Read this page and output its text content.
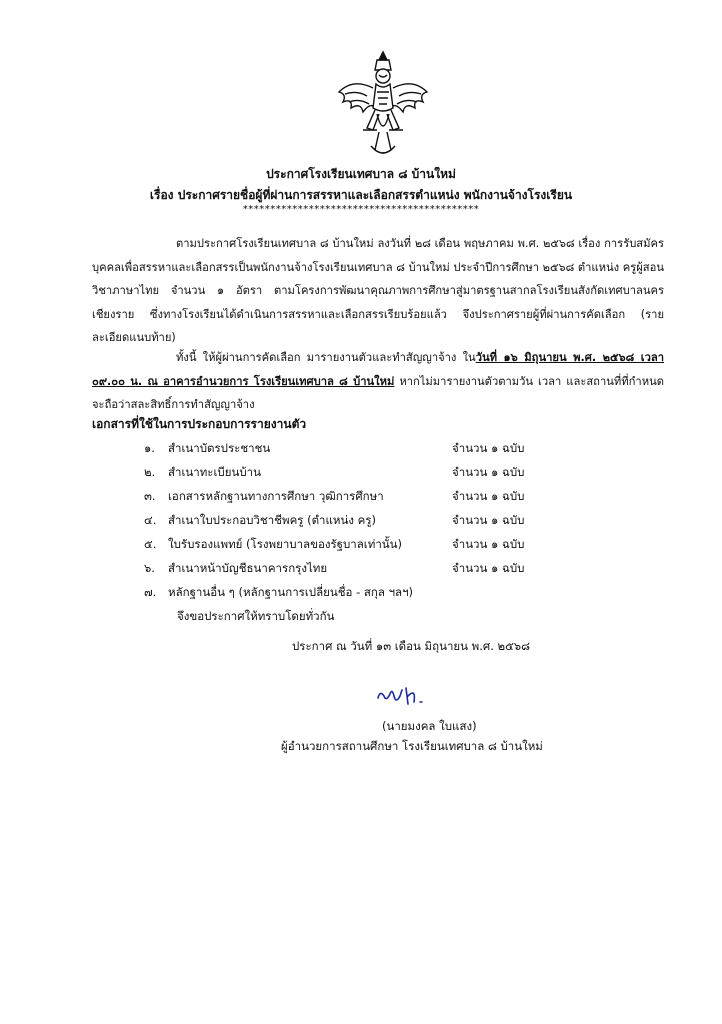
ประกาศโรงเรียนเทศบาล ๘ บ้านใหม่
เรื่อง ประกาศรายชื่อผู้ที่ผ่านการสรรหาและเลือกสรรตำแหน่ง พนักงานจ้างโรงเรียน
*******************************************
ตามประกาศโรงเรียนเทศบาล ๘ บ้านใหม่ ลงวันที่ ๒๘ เดือน พฤษภาคม พ.ศ. ๒๕๖๘ เรื่อง การรับสมัครบุคคลเพื่อสรรหาและเลือกสรรเป็นพนักงานจ้างโรงเรียนเทศบาล ๘ บ้านใหม่ ประจำปีการศึกษา ๒๕๖๘ ตำแหน่ง ครูผู้สอน วิชาภาษาไทย จำนวน ๑ อัตรา ตามโครงการพัฒนาคุณภาพการศึกษาสู่มาตรฐานสากลโรงเรียนสังกัดเทศบาลนครเชียงราย ซึ่งทางโรงเรียนได้ดำเนินการสรรหาและเลือกสรรเรียบร้อยแล้ว จึงประกาศรายผู้ที่ผ่านการคัดเลือก (รายละเอียดแนบท้าย)
ทั้งนี้ ให้ผู้ผ่านการคัดเลือก มารายงานตัวและทำสัญญาจ้าง ในวันที่ ๑๖ มิถุนายน พ.ศ. ๒๕๖๘ เวลา ๐๙.๐๐ น. ณ อาคารอำนวยการ โรงเรียนเทศบาล ๘ บ้านใหม่ หากไม่มารายงานตัวตามวัน เวลา และสถานที่ที่กำหนด จะถือว่าสละสิทธิ์การทำสัญญาจ้าง
เอกสารที่ใช้ในการประกอบการรายงานตัว
๑. สำเนาบัตรประชาชน	จำนวน ๑ ฉบับ
๒. สำเนาทะเบียนบ้าน	จำนวน ๑ ฉบับ
๓. เอกสารหลักฐานทางการศึกษา วุฒิการศึกษา	จำนวน ๑ ฉบับ
๔. สำเนาใบประกอบวิชาชีพครู (ตำแหน่ง ครู)	จำนวน ๑ ฉบับ
๕. ใบรับรองแพทย์ (โรงพยาบาลของรัฐบาลเท่านั้น)	จำนวน ๑ ฉบับ
๖. สำเนาหน้าบัญชีธนาคารกรุงไทย	จำนวน ๑ ฉบับ
๗. หลักฐานอื่น ๆ (หลักฐานการเปลี่ยนชื่อ - สกุล ฯลฯ)
จึงขอประกาศให้ทราบโดยทั่วกัน
ประกาศ ณ วันที่ ๑๓ เดือน มิถุนายน พ.ศ. ๒๕๖๘
(นายมงคล ใบแสง)
ผู้อำนวยการสถานศึกษา โรงเรียนเทศบาล ๘ บ้านใหม่
